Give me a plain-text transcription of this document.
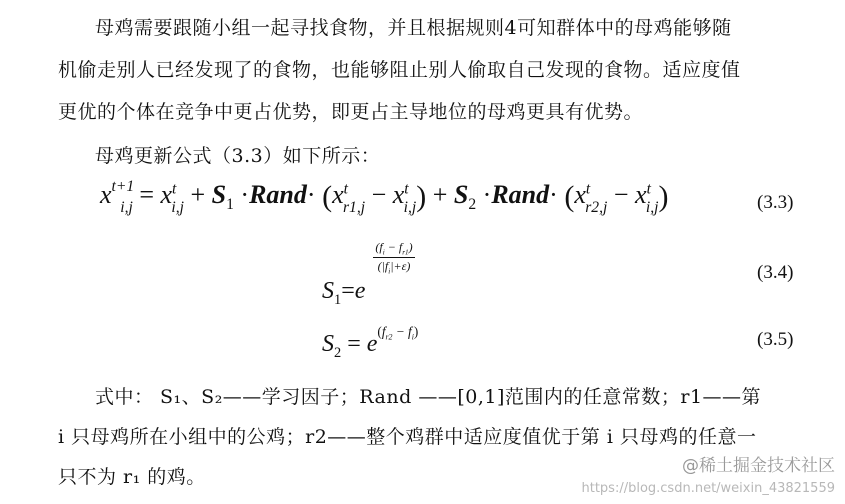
母鸡需要跟随小组一起寻找食物，并且根据规则4可知群体中的母鸡能够随
机偷走别人已经发现了的食物，也能够阻止别人偷取自己发现的食物。适应度值
更优的个体在竞争中更占优势，即更占主导地位的母鸡更具有优势。
母鸡更新公式（3.3）如下所示：
$x^{t+1}_{i,j} = x^t_{i,j} + S_1$ ·Rand· $(x^t_{r1,j} - x^t_{i,j}) + S_2$ ·Rand· $(x^t_{r2,j} - x^t_{i,j})$	(3.3)
$S_1=e$
$\frac{(f_i - f_{r1})}{(|f_i|+\varepsilon)}$	(3.4)
$S_2 = e^{(f_{r2} - f_i)}$	(3.5)
式中： S₁、S₂——学习因子；Rand ——[0,1]范围内的任意常数；r1——第
i 只母鸡所在小组中的公鸡；r2——整个鸡群中适应度值优于第 i 只母鸡的任意一
只不为 r₁ 的鸡。	@稀土掘金技术社区
https://blog.csdn.net/weixin_43821559
